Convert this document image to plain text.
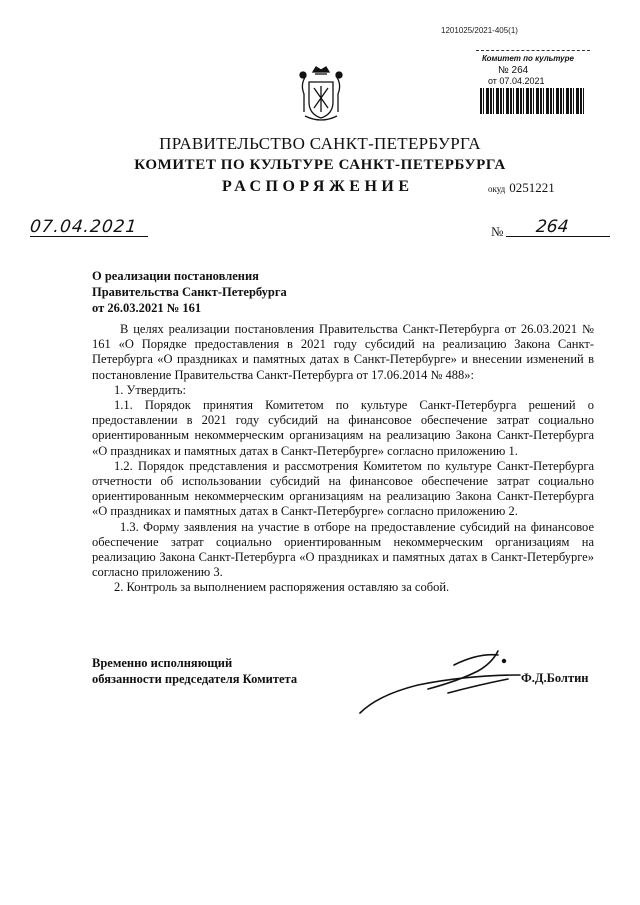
1201025/2021-405(1)
Комитет по культуре
№ 264
от 07.04.2021
ПРАВИТЕЛЬСТВО САНКТ-ПЕТЕРБУРГА
КОМИТЕТ ПО КУЛЬТУРЕ САНКТ-ПЕТЕРБУРГА
РАСПОРЯЖЕНИЕ	окуд 0251221
07.04.2021	№ 264
О реализации постановления
Правительства Санкт-Петербурга
от 26.03.2021 № 161

В целях реализации постановления Правительства Санкт-Петербурга от 26.03.2021 № 161 «О Порядке предоставления в 2021 году субсидий на реализацию Закона Санкт-Петербурга «О праздниках и памятных датах в Санкт-Петербурге» и внесении изменений в постановление Правительства Санкт-Петербурга от 17.06.2014 № 488»:

1. Утвердить:

1.1. Порядок принятия Комитетом по культуре Санкт-Петербурга решений о предоставлении в 2021 году субсидий на финансовое обеспечение затрат социально ориентированным некоммерческим организациям на реализацию Закона Санкт-Петербурга «О праздниках и памятных датах в Санкт-Петербурге» согласно приложению 1.

1.2. Порядок представления и рассмотрения Комитетом по культуре Санкт-Петербурга отчетности об использовании субсидий на финансовое обеспечение затрат социально ориентированным некоммерческим организациям на реализацию Закона Санкт-Петербурга «О праздниках и памятных датах в Санкт-Петербурге» согласно приложению 2.

1.3. Форму заявления на участие в отборе на предоставление субсидий на финансовое обеспечение затрат социально ориентированным некоммерческим организациям на реализацию Закона Санкт-Петербурга «О праздниках и памятных датах в Санкт-Петербурге» согласно приложению 3.

2. Контроль за выполнением распоряжения оставляю за собой.

Временно исполняющий
обязанности председателя Комитета	Ф.Д.Болтин
